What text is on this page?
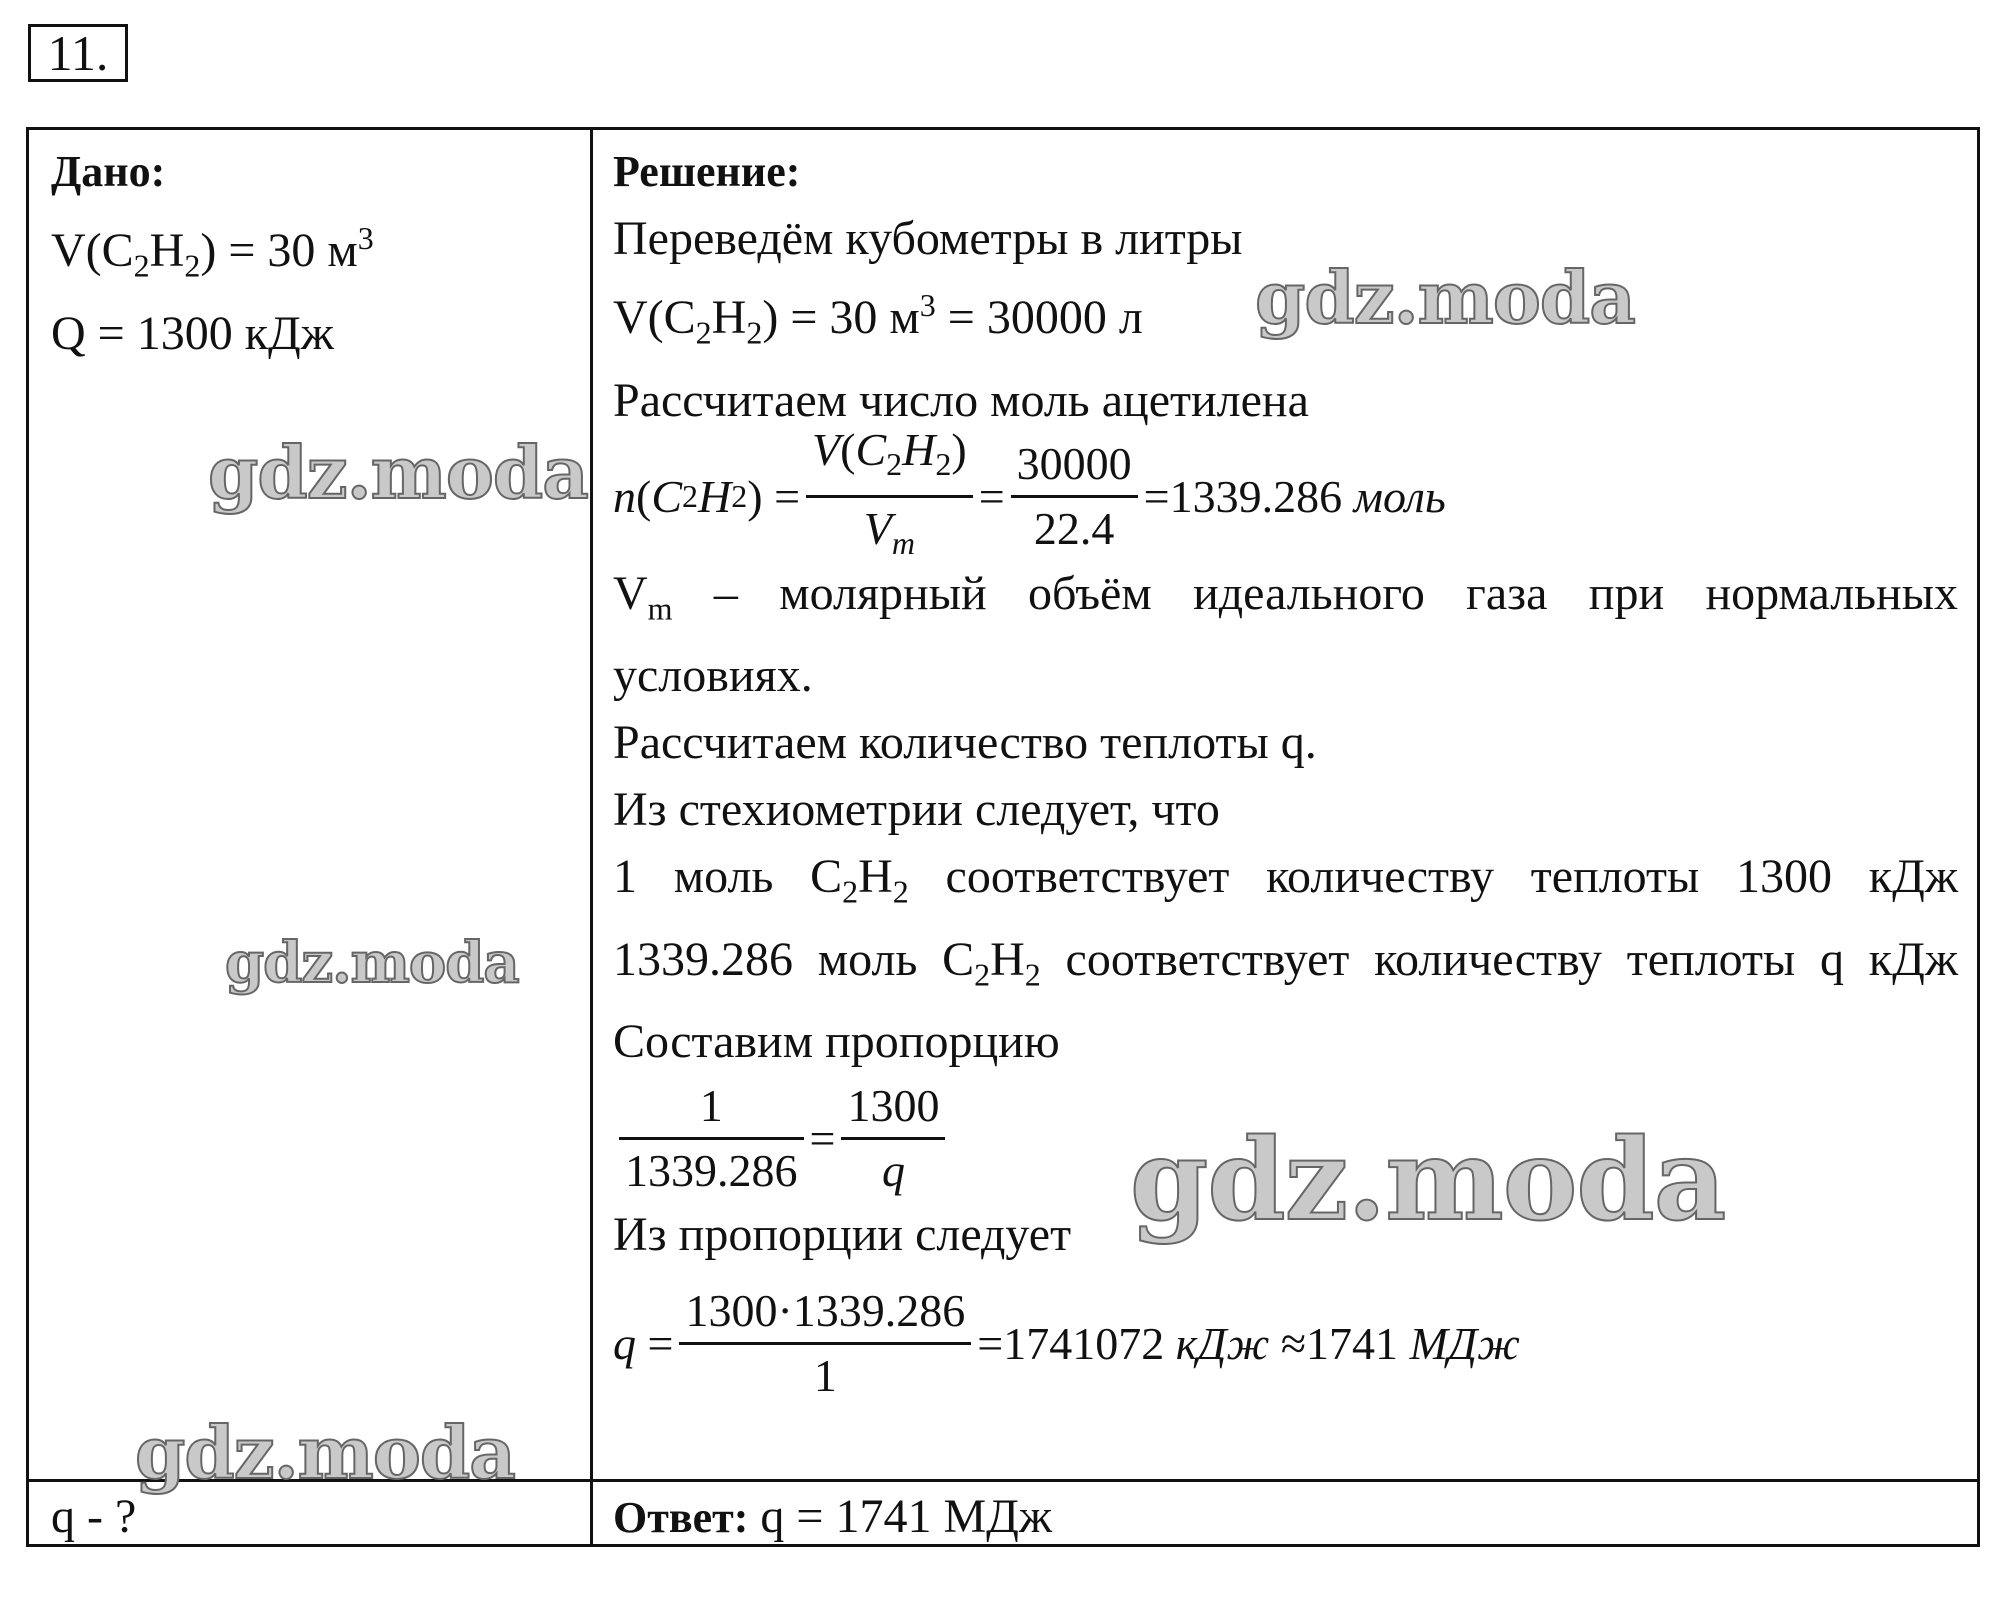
11.
Дано:
$V(C_2H_2) = 30$ $м^3$
Q = 1300 кДж
Решение:
Переведём кубометры в литры
$V(C_2H_2) = 30$ $м^3 = 30000$ л
Рассчитаем число моль ацетилена
n ( C 2 H 2 ) = $\frac{V(C_2H_2)}{V_m} = \frac{30000}{22.4} =1339.286$
моль
$V_m$ – молярный объём идеального газа при нормальных условиях.
Рассчитаем количество теплоты q.
Из стехиометрии следует, что
1 моль $C_2H_2$ соответствует количеству теплоты 1300 кДж
1339.286 моль $C_2H_2$ соответствует количеству теплоты q кДж
Составим пропорцию
$\frac{1}{1339.286} = \frac{1300}{q}$
Из пропорции следует
$q = \frac{1300\cdot 1339.286}{1} =1741072$
кДж
≈1741
МДж
q - ?	Ответ: q = 1741 МДж
gdz.moda
gdz.moda
gdz.moda
gdz.moda
gdz.moda
